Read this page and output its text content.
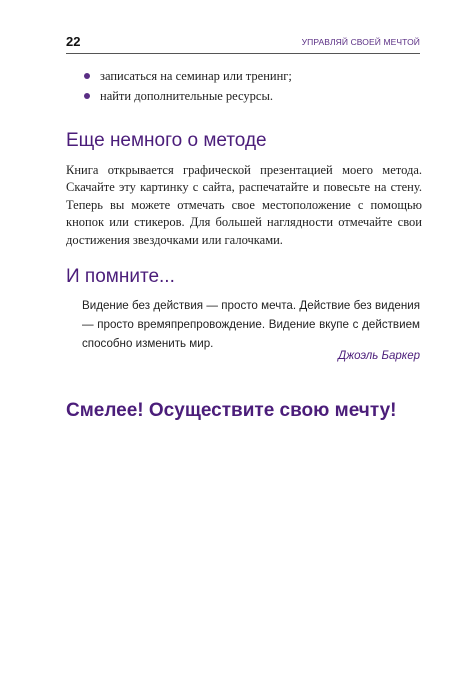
22	УПРАВЛЯЙ СВОЕЙ МЕЧТОЙ
записаться на семинар или тренинг;
найти дополнительные ресурсы.
Еще немного о методе

Книга открывается графической презентацией моего метода. Скачайте эту картинку с сайта, распечатайте и повесьте на стену. Теперь вы можете отмечать свое местоположение с помощью кнопок или стикеров. Для большей наглядности отмечайте свои достижения звездочками или галочками.

И помните...

Видение без действия — просто мечта. Действие без видения — просто времяпрепровождение. Видение вкупе с действием способно изменить мир.

Джоэль Баркер
Смелее! Осуществите свою мечту!
